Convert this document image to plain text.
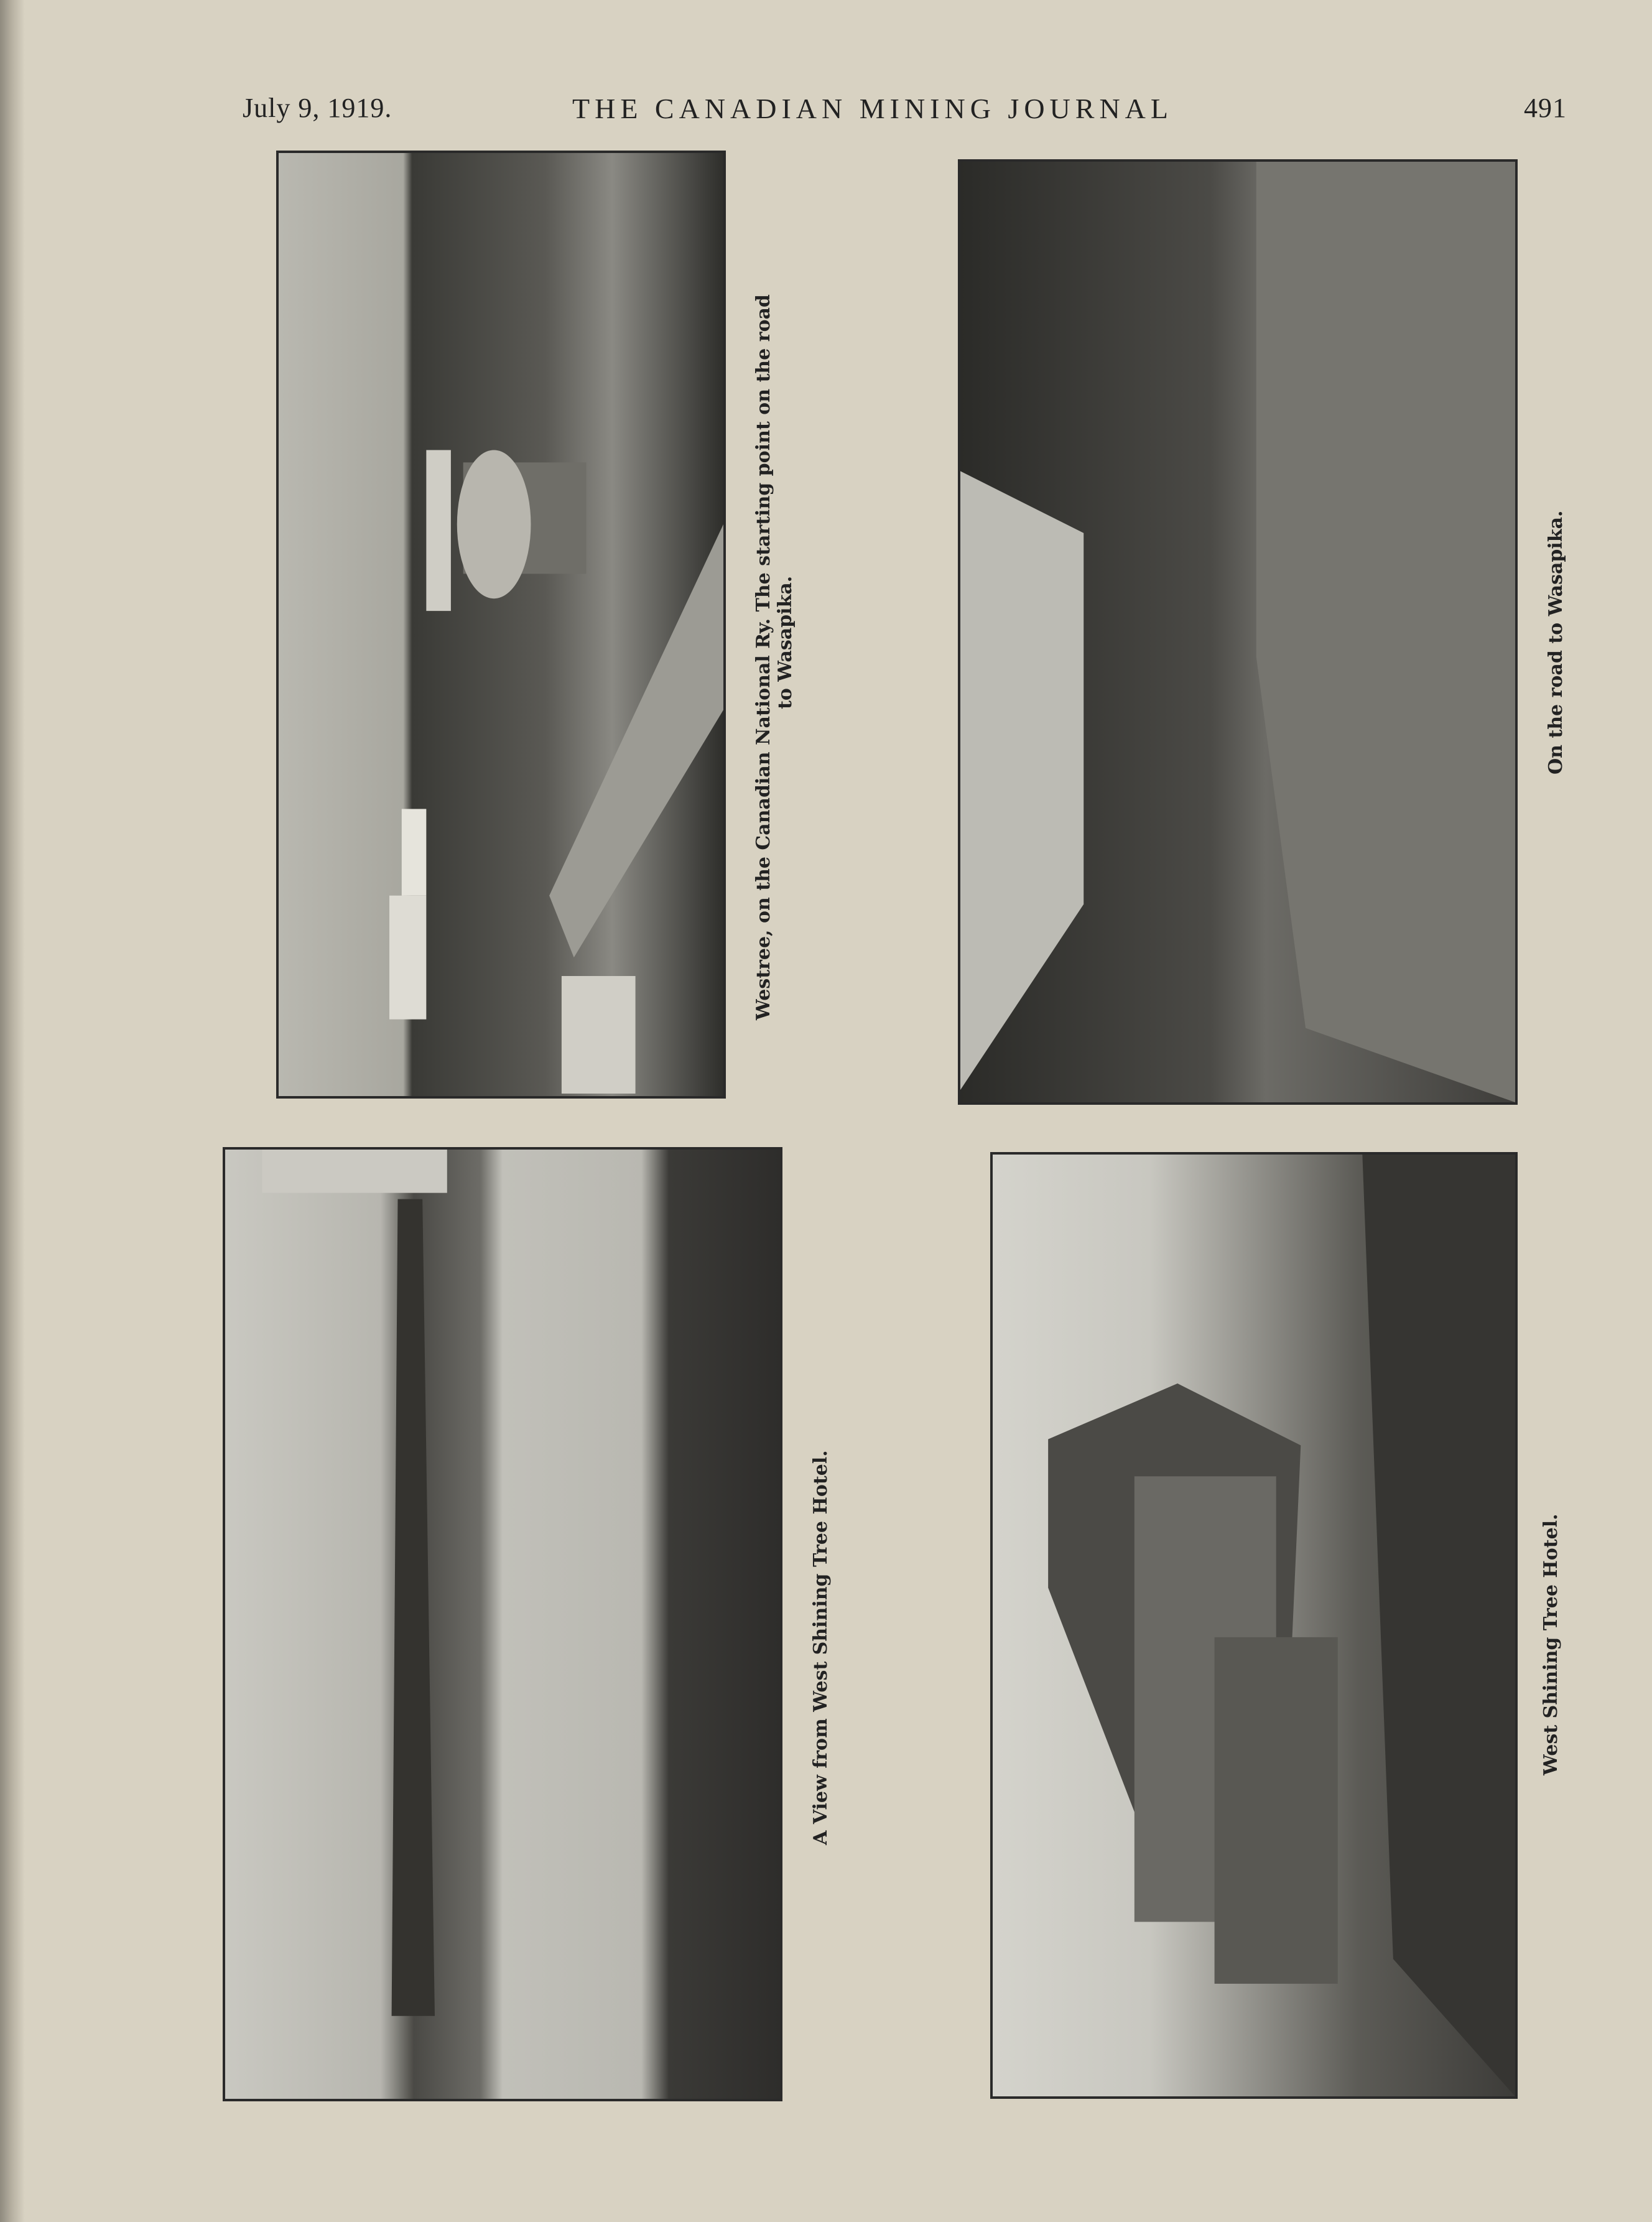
July 9, 1919.	THE CANADIAN MINING JOURNAL	491
Westree, on the Canadian National Ry. The starting point on the road to Wasapika.	On the road to Wasapika.
A View from West Shining Tree Hotel.	West Shining Tree Hotel.
